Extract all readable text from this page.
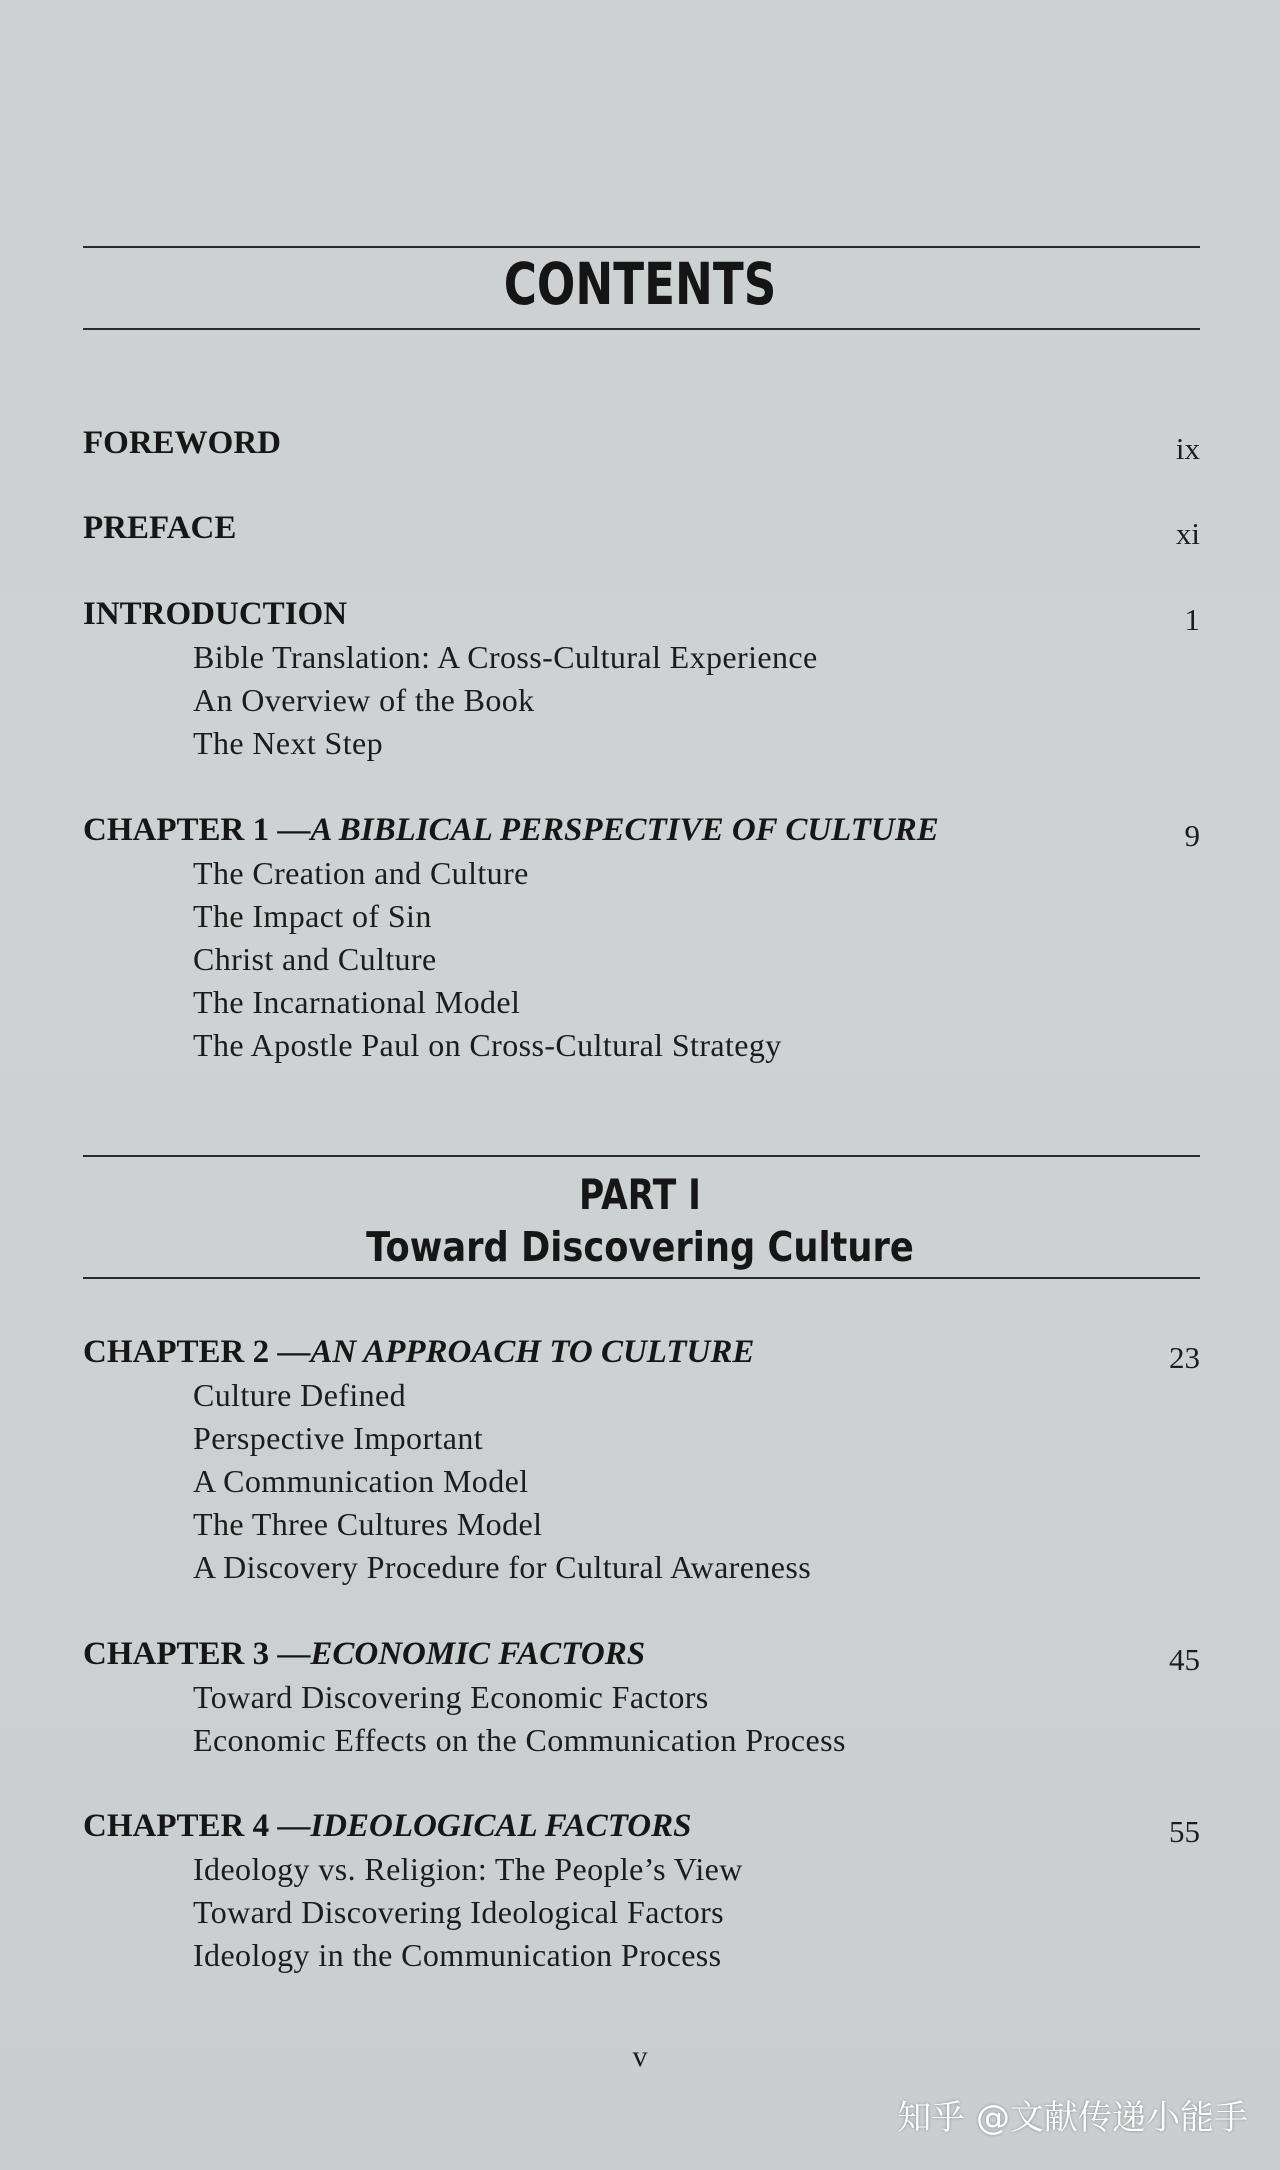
CONTENTS
FOREWORD	ix
PREFACE	xi
INTRODUCTION	1
Bible Translation: A Cross-Cultural Experience
An Overview of the Book
The Next Step
CHAPTER 1 —A BIBLICAL PERSPECTIVE OF CULTURE	9
The Creation and Culture
The Impact of Sin
Christ and Culture
The Incarnational Model
The Apostle Paul on Cross-Cultural Strategy
PART I
Toward Discovering Culture
CHAPTER 2 —AN APPROACH TO CULTURE	23
Culture Defined
Perspective Important
A Communication Model
The Three Cultures Model
A Discovery Procedure for Cultural Awareness
CHAPTER 3 —ECONOMIC FACTORS	45
Toward Discovering Economic Factors
Economic Effects on the Communication Process
CHAPTER 4 —IDEOLOGICAL FACTORS	55
Ideology vs. Religion: The People’s View
Toward Discovering Ideological Factors
Ideology in the Communication Process
v
知乎 @文献传递小能手
